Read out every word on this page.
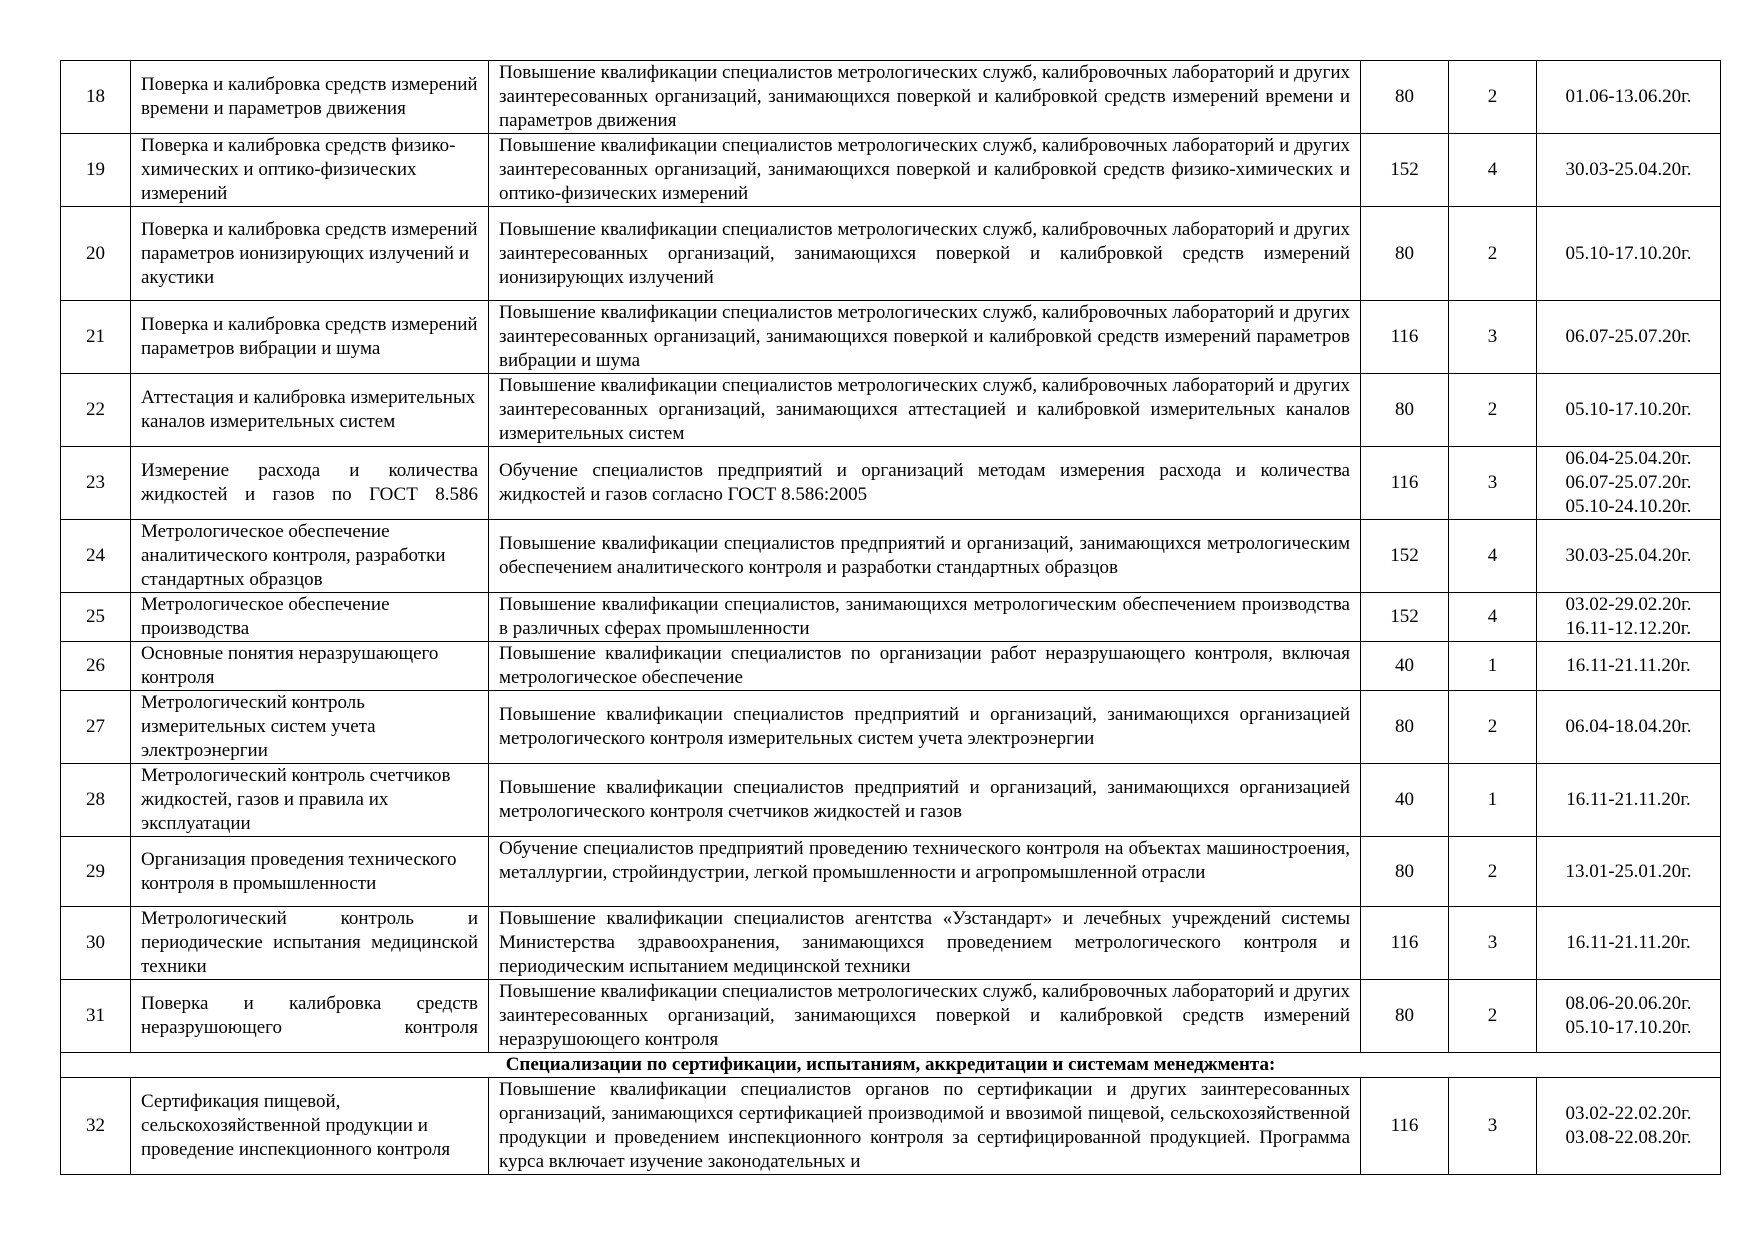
18	Поверка и калибровка средств измерений времени и параметров движения	Повышение квалификации специалистов метрологических служб, калибровочных лабораторий и других заинтересованных организаций, занимающихся поверкой и калибровкой средств измерений времени и параметров движения	80	2	01.06-13.06.20г.

19	Поверка и калибровка средств физико-химических и оптико-физических измерений	Повышение квалификации специалистов метрологических служб, калибровочных лабораторий и других заинтересованных организаций, занимающихся поверкой и калибровкой средств физико-химических и оптико-физических измерений	152	4	30.03-25.04.20г.

20	Поверка и калибровка средств измерений параметров ионизирующих излучений и акустики	Повышение квалификации специалистов метрологических служб, калибровочных лабораторий и других заинтересованных организаций, занимающихся поверкой и калибровкой средств измерений ионизирующих излучений	80	2	05.10-17.10.20г.

21	Поверка и калибровка средств измерений параметров вибрации и шума	Повышение квалификации специалистов метрологических служб, калибровочных лабораторий и других заинтересованных организаций, занимающихся поверкой и калибровкой средств измерений параметров вибрации и шума	116	3	06.07-25.07.20г.

22	Аттестация и калибровка измерительных каналов измерительных систем	Повышение квалификации специалистов метрологических служб, калибровочных лабораторий и других заинтересованных организаций, занимающихся аттестацией и калибровкой измерительных каналов измерительных систем	80	2	05.10-17.10.20г.

23	Измерение расхода и количества жидкостей и газов по ГОСТ 8.586	Обучение специалистов предприятий и организаций методам измерения расхода и количества жидкостей и газов согласно ГОСТ 8.586:2005	116	3	06.04-25.04.20г.
06.07-25.07.20г.
05.10-24.10.20г.

24	Метрологическое обеспечение аналитического контроля, разработки стандартных образцов	Повышение квалификации специалистов предприятий и организаций, занимающихся метрологическим обеспечением аналитического контроля и разработки стандартных образцов	152	4	30.03-25.04.20г.

25	Метрологическое обеспечение производства	Повышение квалификации специалистов, занимающихся метрологическим обеспечением производства в различных сферах промышленности	152	4	03.02-29.02.20г.
16.11-12.12.20г.

26	Основные понятия неразрушающего контроля	Повышение квалификации специалистов по организации работ неразрушающего контроля, включая метрологическое обеспечение	40	1	16.11-21.11.20г.

27	Метрологический контроль измерительных систем учета электроэнергии	Повышение квалификации специалистов предприятий и организаций, занимающихся организацией метрологического контроля измерительных систем учета электроэнергии	80	2	06.04-18.04.20г.

28	Метрологический контроль счетчиков жидкостей, газов и правила их эксплуатации	Повышение квалификации специалистов предприятий и организаций, занимающихся организацией метрологического контроля счетчиков жидкостей и газов	40	1	16.11-21.11.20г.

29	Организация проведения технического контроля в промышленности	Обучение специалистов предприятий проведению технического контроля на объектах машиностроения, металлургии, стройиндустрии, легкой промышленности и агропромышленной отрасли	80	2	13.01-25.01.20г.

30	Метрологический контроль и периодические испытания медицинской техники	Повышение квалификации специалистов агентства «Узстандарт» и лечебных учреждений системы Министерства здравоохранения, занимающихся проведением метрологического контроля и периодическим испытанием медицинской техники	116	3	16.11-21.11.20г.

31	Поверка и калибровка средств неразрушоющего контроля	Повышение квалификации специалистов метрологических служб, калибровочных лабораторий и других заинтересованных организаций, занимающихся поверкой и калибровкой средств измерений неразрушоющего контроля	80	2	08.06-20.06.20г.
05.10-17.10.20г.

Специализации по сертификации, испытаниям, аккредитации и системам менеджмента:					
32	Сертификация пищевой, сельскохозяйственной продукции и проведение инспекционного контроля	Повышение квалификации специалистов органов по сертификации и других заинтересованных организаций, занимающихся сертификацией производимой и ввозимой пищевой, сельскохозяйственной продукции и проведением инспекционного контроля за сертифицированной продукцией. Программа курса включает изучение законодательных и	116	3	03.02-22.02.20г.
03.08-22.08.20г.
